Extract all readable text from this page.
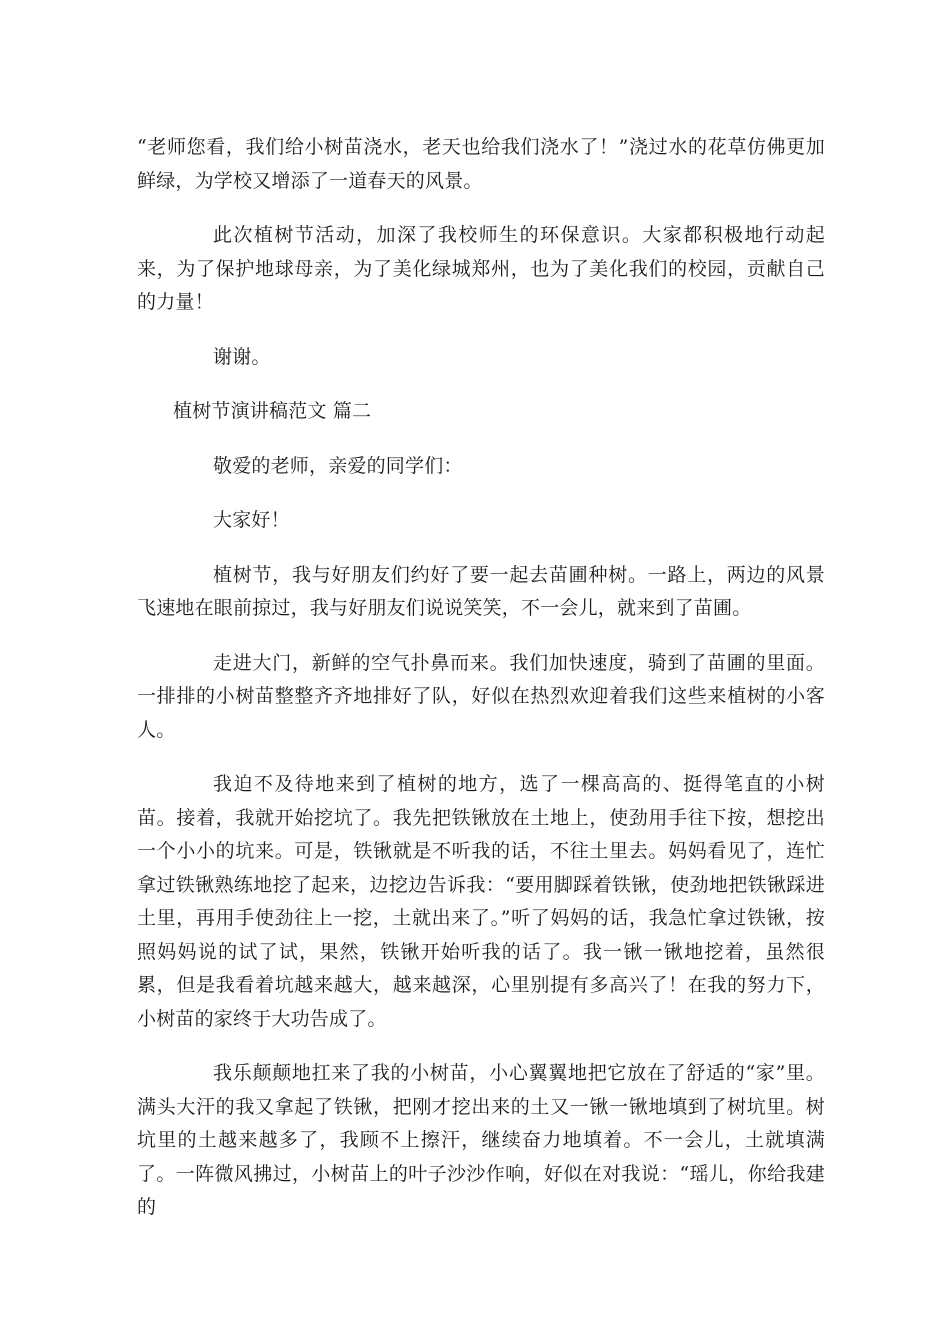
“老师您看，我们给小树苗浇水，老天也给我们浇水了！”浇过水的花草仿佛更加鲜绿，为学校又增添了一道春天的风景。

此次植树节活动，加深了我校师生的环保意识。大家都积极地行动起来，为了保护地球母亲，为了美化绿城郑州，也为了美化我们的校园，贡献自己的力量！

谢谢。

植树节演讲稿范文 篇二

敬爱的老师，亲爱的同学们：

大家好！

植树节，我与好朋友们约好了要一起去苗圃种树。一路上，两边的风景飞速地在眼前掠过，我与好朋友们说说笑笑，不一会儿，就来到了苗圃。

走进大门，新鲜的空气扑鼻而来。我们加快速度，骑到了苗圃的里面。一排排的小树苗整整齐齐地排好了队，好似在热烈欢迎着我们这些来植树的小客人。

我迫不及待地来到了植树的地方，选了一棵高高的、挺得笔直的小树苗。接着，我就开始挖坑了。我先把铁锹放在土地上，使劲用手往下按，想挖出一个小小的坑来。可是，铁锹就是不听我的话，不往土里去。妈妈看见了，连忙拿过铁锹熟练地挖了起来，边挖边告诉我：“要用脚踩着铁锹，使劲地把铁锹踩进土里，再用手使劲往上一挖，土就出来了。”听了妈妈的话，我急忙拿过铁锹，按照妈妈说的试了试，果然，铁锹开始听我的话了。我一锹一锹地挖着，虽然很累，但是我看着坑越来越大，越来越深，心里别提有多高兴了！在我的努力下，小树苗的家终于大功告成了。

我乐颠颠地扛来了我的小树苗，小心翼翼地把它放在了舒适的“家”里。满头大汗的我又拿起了铁锹，把刚才挖出来的土又一锹一锹地填到了树坑里。树坑里的土越来越多了，我顾不上擦汗，继续奋力地填着。不一会儿，土就填满了。一阵微风拂过，小树苗上的叶子沙沙作响，好似在对我说：“瑶儿，你给我建的
